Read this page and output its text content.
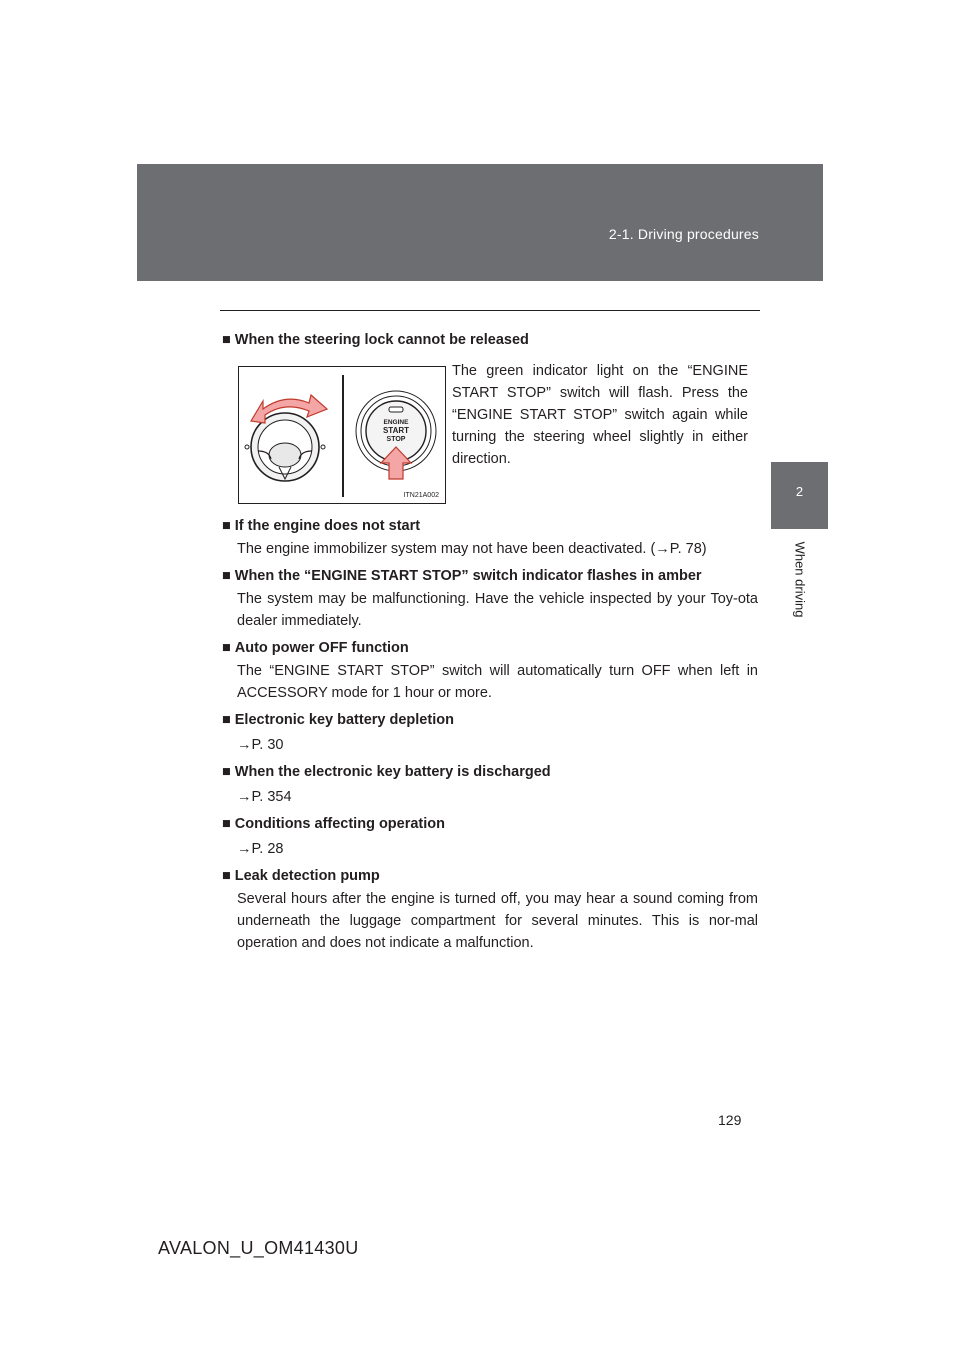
2-1. Driving procedures
2
When driving

■ When the steering lock cannot be released

ENGINE
START
STOP
ITN21A002
The green indicator light on the “ENGINE START STOP” switch will flash. Press the “ENGINE START STOP” switch again while turning the steering wheel slightly in either direction.

■ If the engine does not start

The engine immobilizer system may not have been deactivated. (→P. 78)

■ When the “ENGINE START STOP” switch indicator flashes in amber

The system may be malfunctioning. Have the vehicle inspected by your Toy-ota dealer immediately.

■ Auto power OFF function

The “ENGINE START STOP” switch will automatically turn OFF when left in ACCESSORY mode for 1 hour or more.

■ Electronic key battery depletion

→P. 30

■ When the electronic key battery is discharged

→P. 354

■ Conditions affecting operation

→P. 28

■ Leak detection pump

Several hours after the engine is turned off, you may hear a sound coming from underneath the luggage compartment for several minutes. This is nor-mal operation and does not indicate a malfunction.

129
AVALON_U_OM41430U
